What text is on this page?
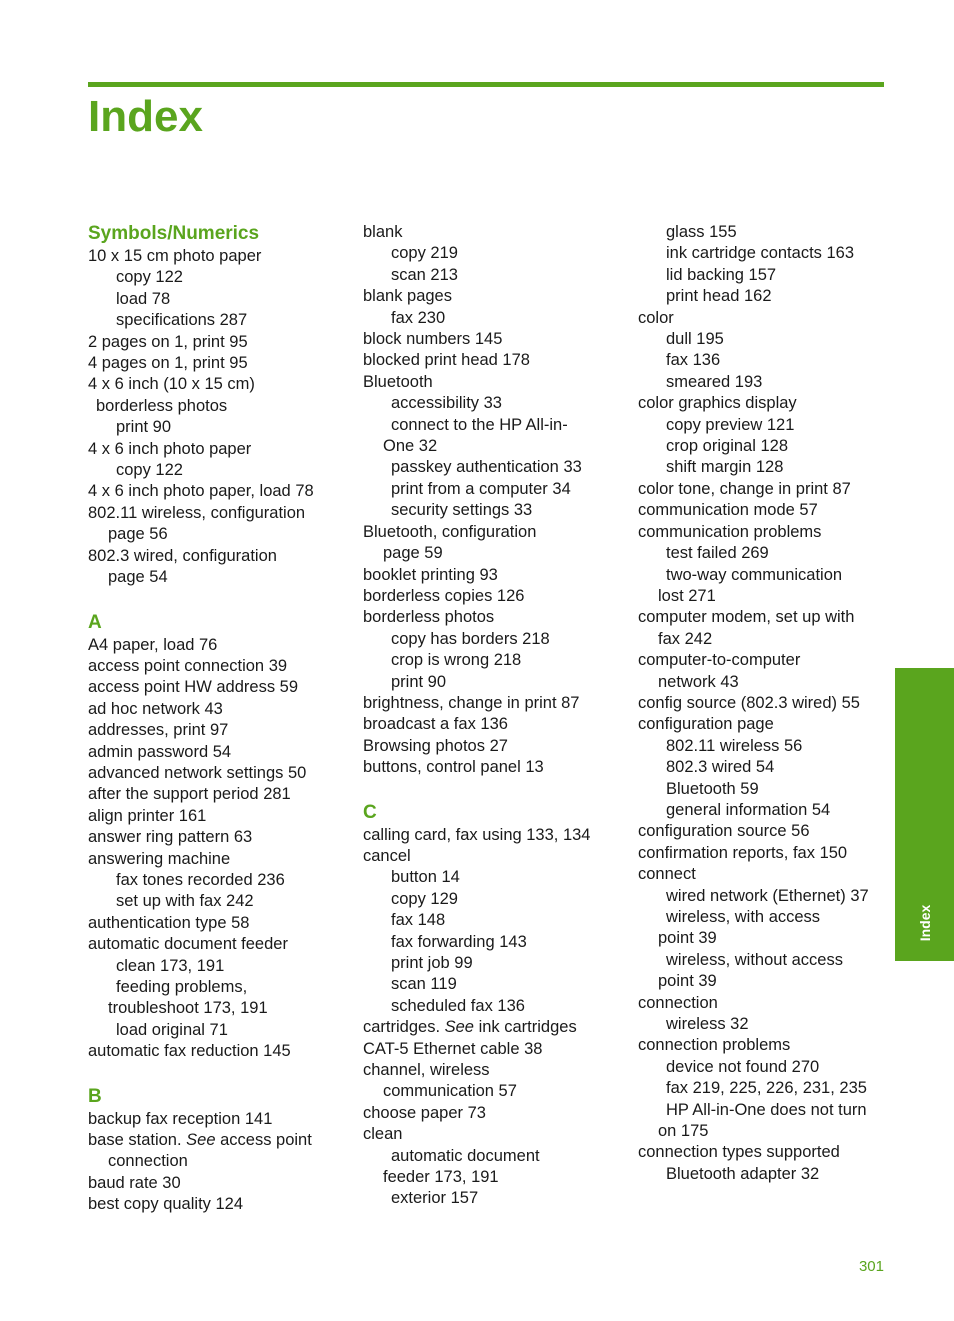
Index
Symbols/Numerics
10 x 15 cm photo paper
copy 122
load 78
specifications 287
2 pages on 1, print 95
4 pages on 1, print 95
4 x 6 inch (10 x 15 cm)
borderless photos
print 90
4 x 6 inch photo paper
copy 122
4 x 6 inch photo paper, load 78
802.11 wireless, configuration
page 56
802.3 wired, configuration
page 54
A
A4 paper, load 76
access point connection 39
access point HW address 59
ad hoc network 43
addresses, print 97
admin password 54
advanced network settings 50
after the support period 281
align printer 161
answer ring pattern 63
answering machine
fax tones recorded 236
set up with fax 242
authentication type 58
automatic document feeder
clean 173, 191
feeding problems,
troubleshoot 173, 191
load original 71
automatic fax reduction 145
B
backup fax reception 141
base station. See access point
connection
baud rate 30
best copy quality 124
blank
copy 219
scan 213
blank pages
fax 230
block numbers 145
blocked print head 178
Bluetooth
accessibility 33
connect to the HP All-in-
One 32
passkey authentication 33
print from a computer 34
security settings 33
Bluetooth, configuration
page 59
booklet printing 93
borderless copies 126
borderless photos
copy has borders 218
crop is wrong 218
print 90
brightness, change in print 87
broadcast a fax 136
Browsing photos 27
buttons, control panel 13
C
calling card, fax using 133, 134
cancel
button 14
copy 129
fax 148
fax forwarding 143
print job 99
scan 119
scheduled fax 136
cartridges. See ink cartridges
CAT-5 Ethernet cable 38
channel, wireless
communication 57
choose paper 73
clean
automatic document
feeder 173, 191
exterior 157
glass 155
ink cartridge contacts 163
lid backing 157
print head 162
color
dull 195
fax 136
smeared 193
color graphics display
copy preview 121
crop original 128
shift margin 128
color tone, change in print 87
communication mode 57
communication problems
test failed 269
two-way communication
lost 271
computer modem, set up with
fax 242
computer-to-computer
network 43
config source (802.3 wired) 55
configuration page
802.11 wireless 56
802.3 wired 54
Bluetooth 59
general information 54
configuration source 56
confirmation reports, fax 150
connect
wired network (Ethernet) 37
wireless, with access
point 39
wireless, without access
point 39
connection
wireless 32
connection problems
device not found 270
fax 219, 225, 226, 231, 235
HP All-in-One does not turn
on 175
connection types supported
Bluetooth adapter 32
Index
301
